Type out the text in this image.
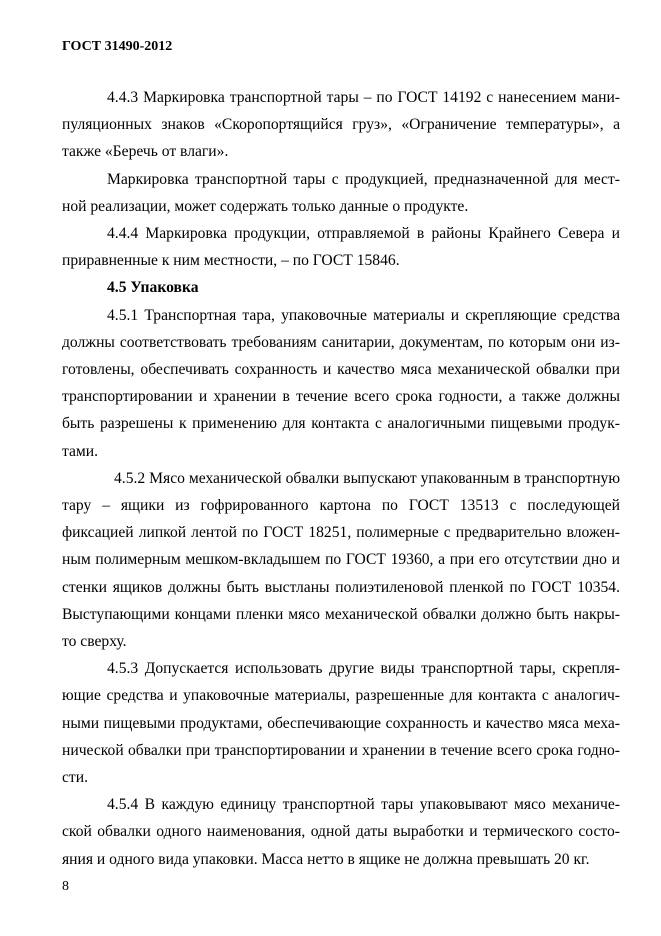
ГОСТ 31490-2012

4.4.3 Маркировка транспортной тары – по ГОСТ 14192 с нанесением манипуляционных знаков «Скоропортящийся груз», «Ограничение температуры», а также «Беречь от влаги».

Маркировка транспортной тары с продукцией, предназначенной для местной реализации, может содержать только данные о продукте.

4.4.4 Маркировка продукции, отправляемой в районы Крайнего Севера и приравненные к ним местности, – по ГОСТ 15846.

4.5 Упаковка

4.5.1 Транспортная тара, упаковочные материалы и скрепляющие средства должны соответствовать требованиям санитарии, документам, по которым они изготовлены, обеспечивать сохранность и качество мяса механической обвалки при транспортировании и хранении в течение всего срока годности, а также должны быть разрешены к применению для контакта с аналогичными пищевыми продуктами.

4.5.2 Мясо механической обвалки выпускают упакованным в транспортную тару – ящики из гофрированного картона по ГОСТ 13513 с последующей фиксацией липкой лентой по ГОСТ 18251, полимерные с предварительно вложенным полимерным мешком-вкладышем по ГОСТ 19360, а при его отсутствии дно и стенки ящиков должны быть выстланы полиэтиленовой пленкой по ГОСТ 10354. Выступающими концами пленки мясо механической обвалки должно быть накрыто сверху.

4.5.3 Допускается использовать другие виды транспортной тары, скрепляющие средства и упаковочные материалы, разрешенные для контакта с аналогичными пищевыми продуктами, обеспечивающие сохранность и качество мяса механической обвалки при транспортировании и хранении в течение всего срока годности.

4.5.4 В каждую единицу транспортной тары упаковывают мясо механической обвалки одного наименования, одной даты выработки и термического состояния и одного вида упаковки. Масса нетто в ящике не должна превышать 20 кг.

8
